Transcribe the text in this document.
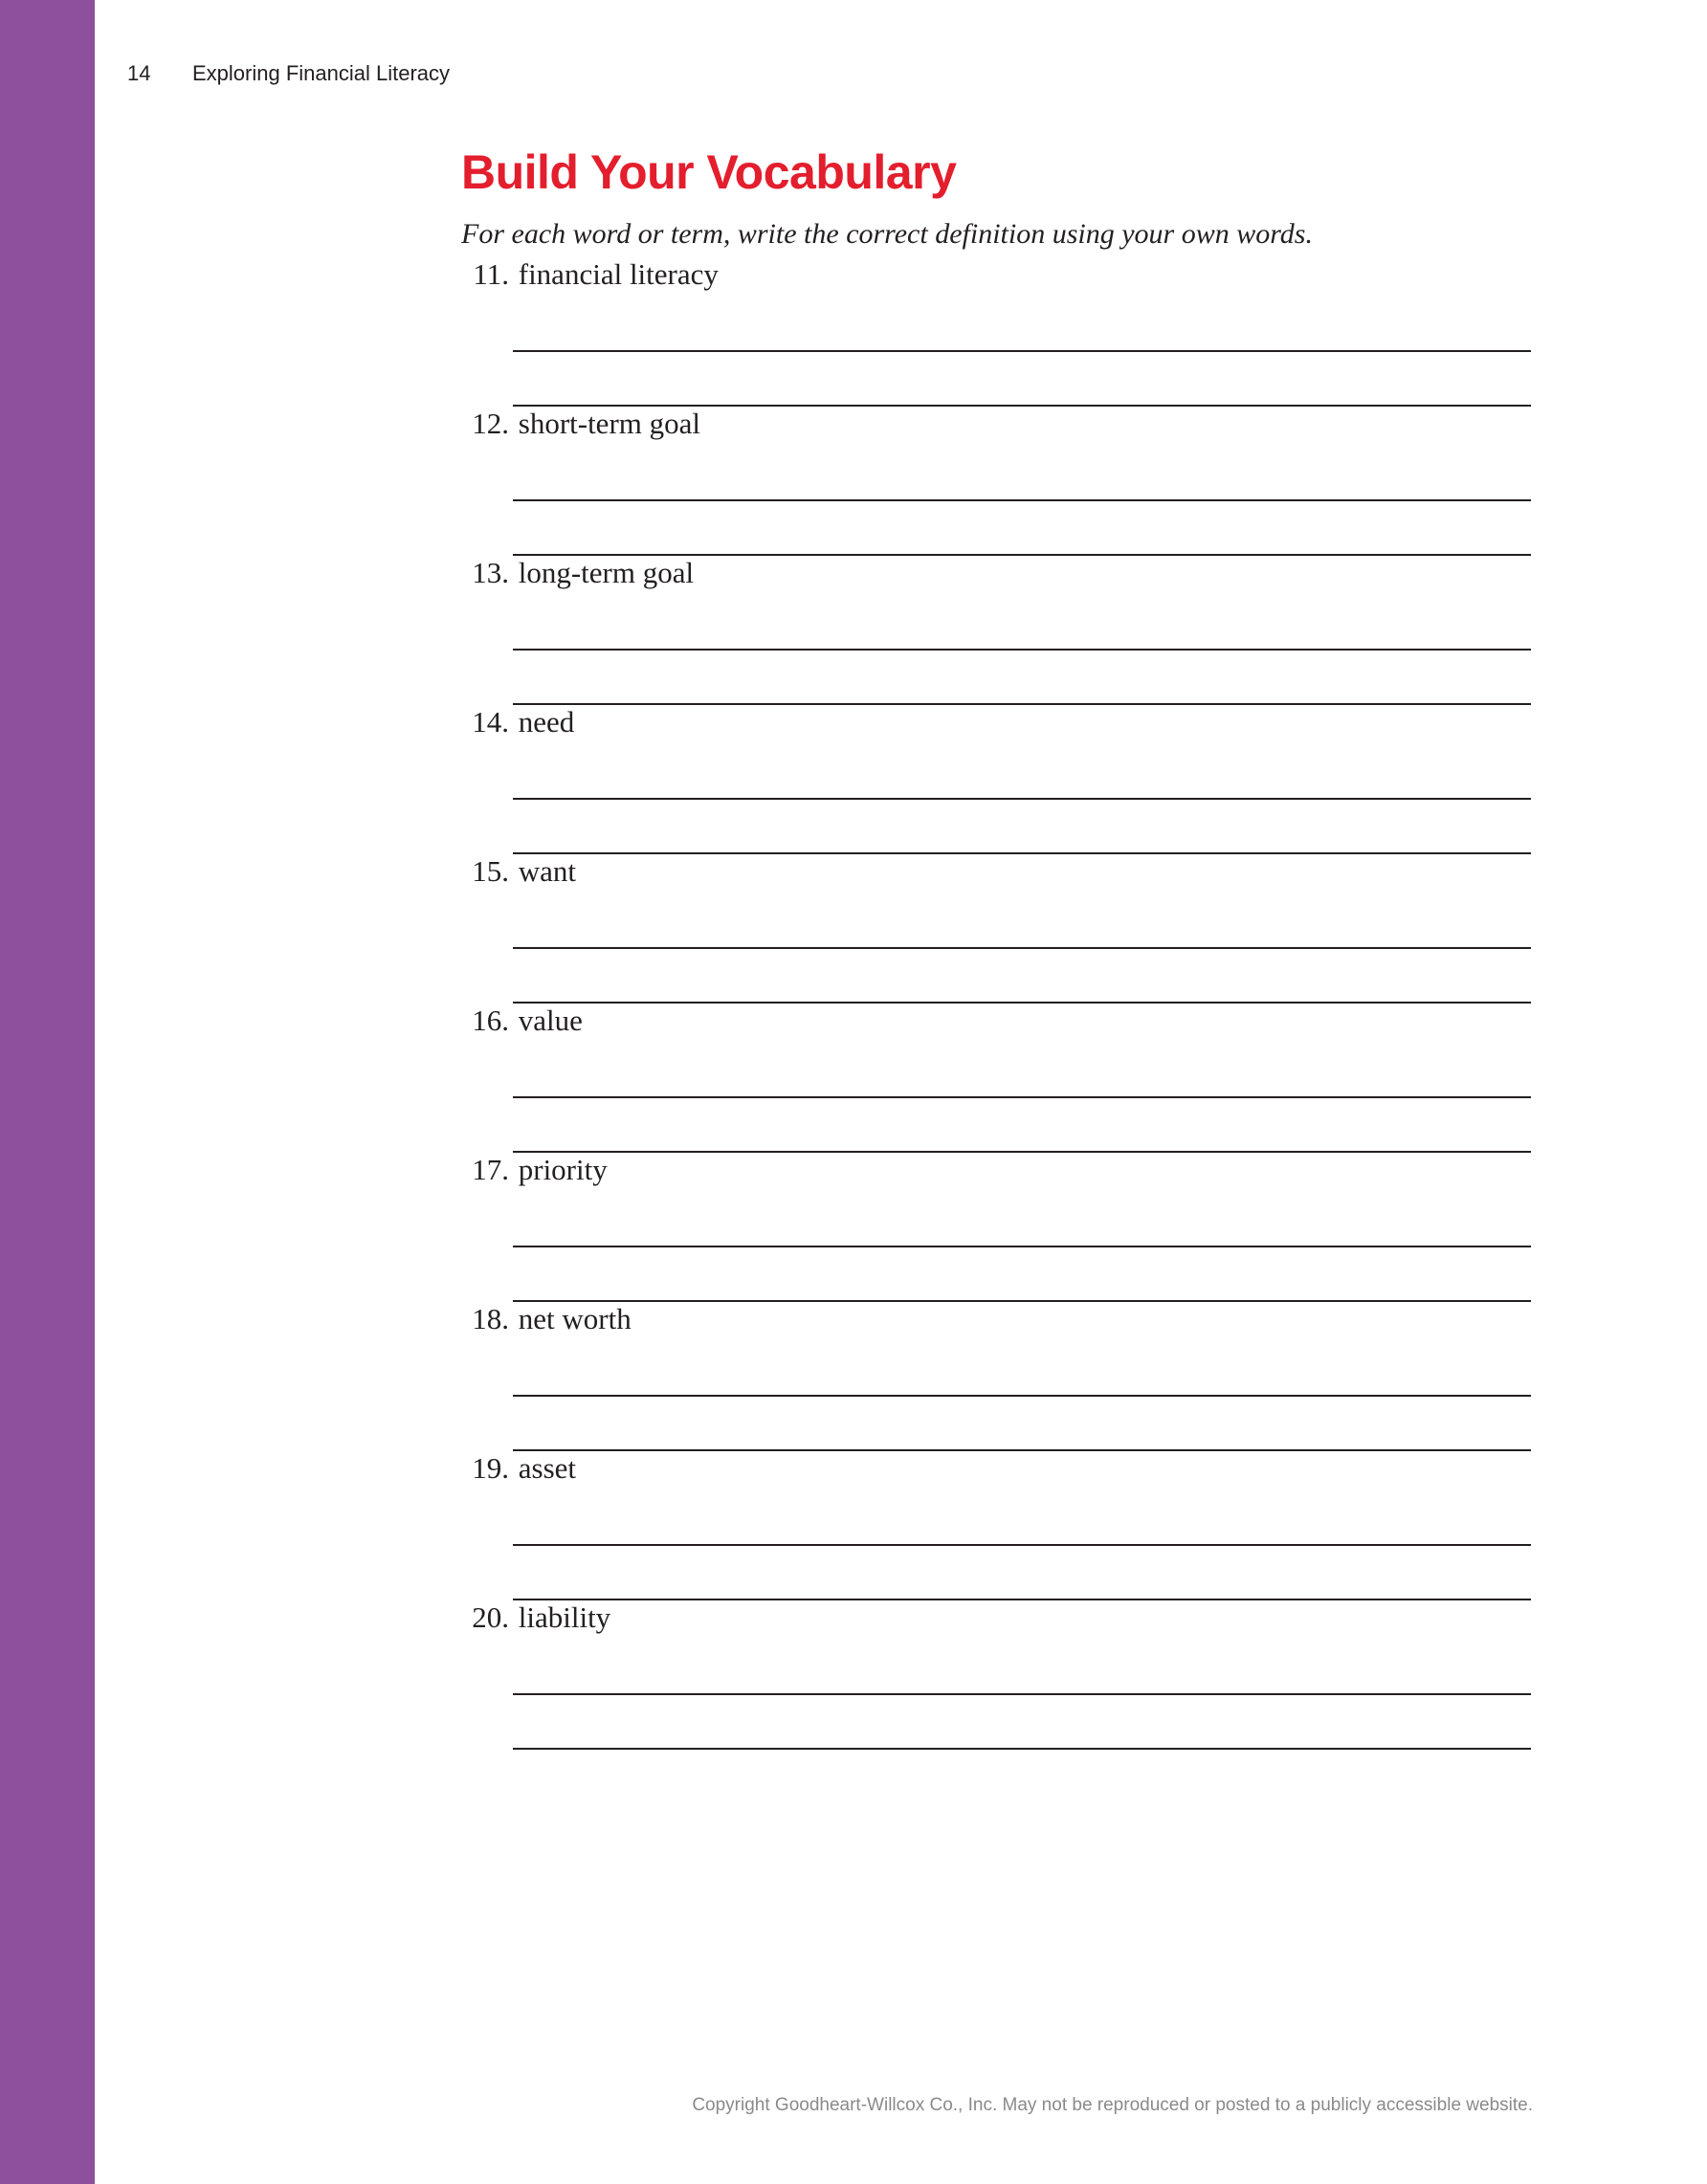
14 Exploring Financial Literacy
Build Your Vocabulary

For each word or term, write the correct definition using your own words.

11. financial literacy
12. short-term goal
13. long-term goal
14. need
15. want
16. value
17. priority
18. net worth
19. asset
20. liability
Copyright Goodheart-Willcox Co., Inc. May not be reproduced or posted to a publicly accessible website.
